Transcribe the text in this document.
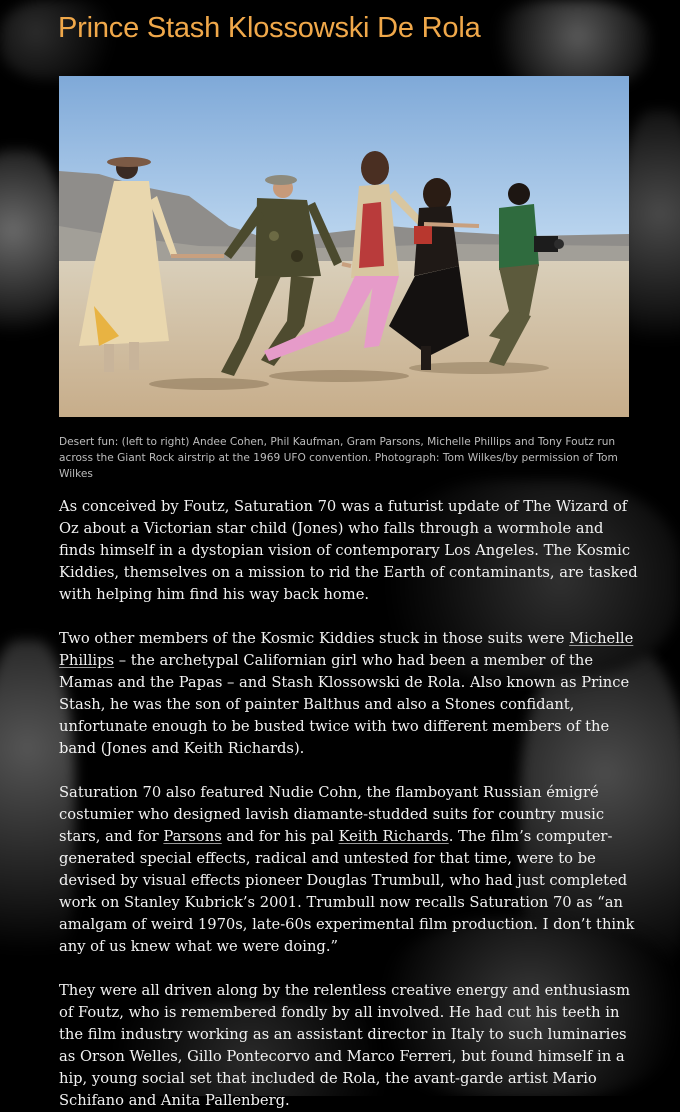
Prince Stash Klossowski De Rola

Desert fun: (left to right) Andee Cohen, Phil Kaufman, Gram Parsons, Michelle Phillips and Tony Foutz run across the Giant Rock airstrip at the 1969 UFO convention. Photograph: Tom Wilkes/by permission of Tom Wilkes

As conceived by Foutz, Saturation 70 was a futurist update of The Wizard of Oz about a Victorian star child (Jones) who falls through a wormhole and finds himself in a dystopian vision of contemporary Los Angeles. The Kosmic Kiddies, themselves on a mission to rid the Earth of contaminants, are tasked with helping him find his way back home.

Two other members of the Kosmic Kiddies stuck in those suits were Michelle Phillips – the archetypal Californian girl who had been a member of the Mamas and the Papas – and Stash Klossowski de Rola. Also known as Prince Stash, he was the son of painter Balthus and also a Stones confidant, unfortunate enough to be busted twice with two different members of the band (Jones and Keith Richards).

Saturation 70 also featured Nudie Cohn, the flamboyant Russian émigré costumier who designed lavish diamante-studded suits for country music stars, and for Parsons and for his pal Keith Richards. The film’s computer-generated special effects, radical and untested for that time, were to be devised by visual effects pioneer Douglas Trumbull, who had just completed work on Stanley Kubrick’s 2001. Trumbull now recalls Saturation 70 as “an amalgam of weird 1970s, late-60s experimental film production. I don’t think any of us knew what we were doing.”

They were all driven along by the relentless creative energy and enthusiasm of Foutz, who is remembered fondly by all involved. He had cut his teeth in the film industry working as an assistant director in Italy to such luminaries as Orson Welles, Gillo Pontecorvo and Marco Ferreri, but found himself in a hip, young social set that included de Rola, the avant-garde artist Mario Schifano and Anita Pallenberg.
